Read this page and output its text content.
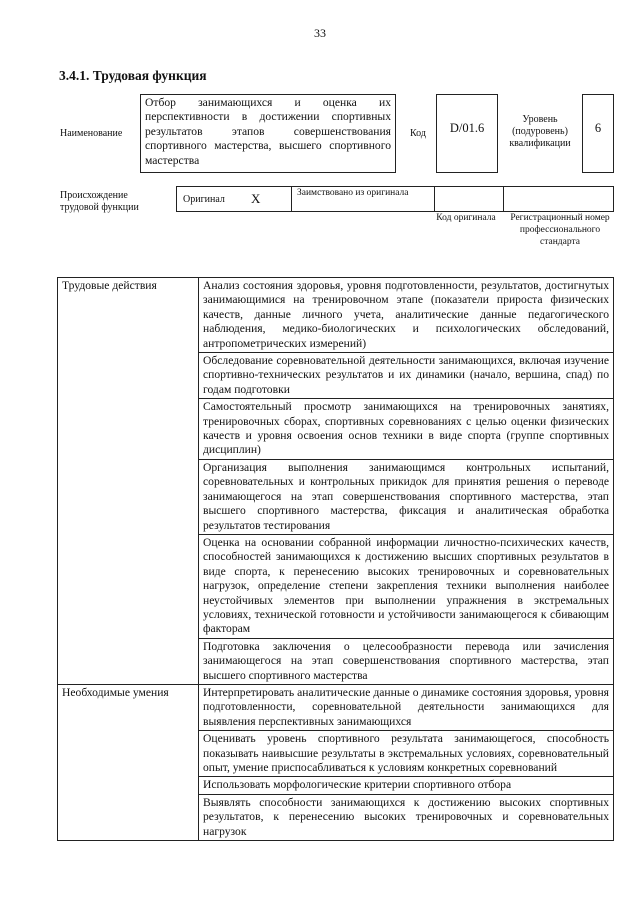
33
3.4.1. Трудовая функция
Наименование
Отбор занимающихся и оценка их перспективности в достижении спортивных результатов этапов совершенствования спортивного мастерства, высшего спортивного мастерства
Код	D/01.6
Уровень (подуровень) квалификации
6
Происхождение трудовой функции
Оригинал X	Заимствовано из оригинала
Код оригинала Регистрационный номер профессионального стандарта
Трудовые действия	Анализ состояния здоровья, уровня подготовленности, результатов, достигнутых занимающимися на тренировочном этапе (показатели прироста физических качеств, данные личного учета, аналитические данные педагогического наблюдения, медико-биологических и психологических обследований, антропометрических измерений)
	Обследование соревновательной деятельности занимающихся, включая изучение спортивно-технических результатов и их динамики (начало, вершина, спад) по годам подготовки
	Самостоятельный просмотр занимающихся на тренировочных занятиях, тренировочных сборах, спортивных соревнованиях с целью оценки физических качеств и уровня освоения основ техники в виде спорта (группе спортивных дисциплин)
	Организация выполнения занимающимся контрольных испытаний, соревновательных и контрольных прикидок для принятия решения о переводе занимающегося на этап совершенствования спортивного мастерства, этап высшего спортивного мастерства, фиксация и аналитическая обработка результатов тестирования
	Оценка на основании собранной информации личностно-психических качеств, способностей занимающихся к достижению высших спортивных результатов в виде спорта, к перенесению высоких тренировочных и соревновательных нагрузок, определение степени закрепления техники выполнения наиболее неустойчивых элементов при выполнении упражнения в экстремальных условиях, технической готовности и устойчивости занимающегося к сбивающим факторам
	Подготовка заключения о целесообразности перевода или зачисления занимающегося на этап совершенствования спортивного мастерства, этап высшего спортивного мастерства
Необходимые умения	Интерпретировать аналитические данные о динамике состояния здоровья, уровня подготовленности, соревновательной деятельности занимающихся для выявления перспективных занимающихся
	Оценивать уровень спортивного результата занимающегося, способность показывать наивысшие результаты в экстремальных условиях, соревновательный опыт, умение приспосабливаться к условиям конкретных соревнований
	Использовать морфологические критерии спортивного отбора
	Выявлять способности занимающихся к достижению высоких спортивных результатов, к перенесению высоких тренировочных и соревновательных нагрузок
